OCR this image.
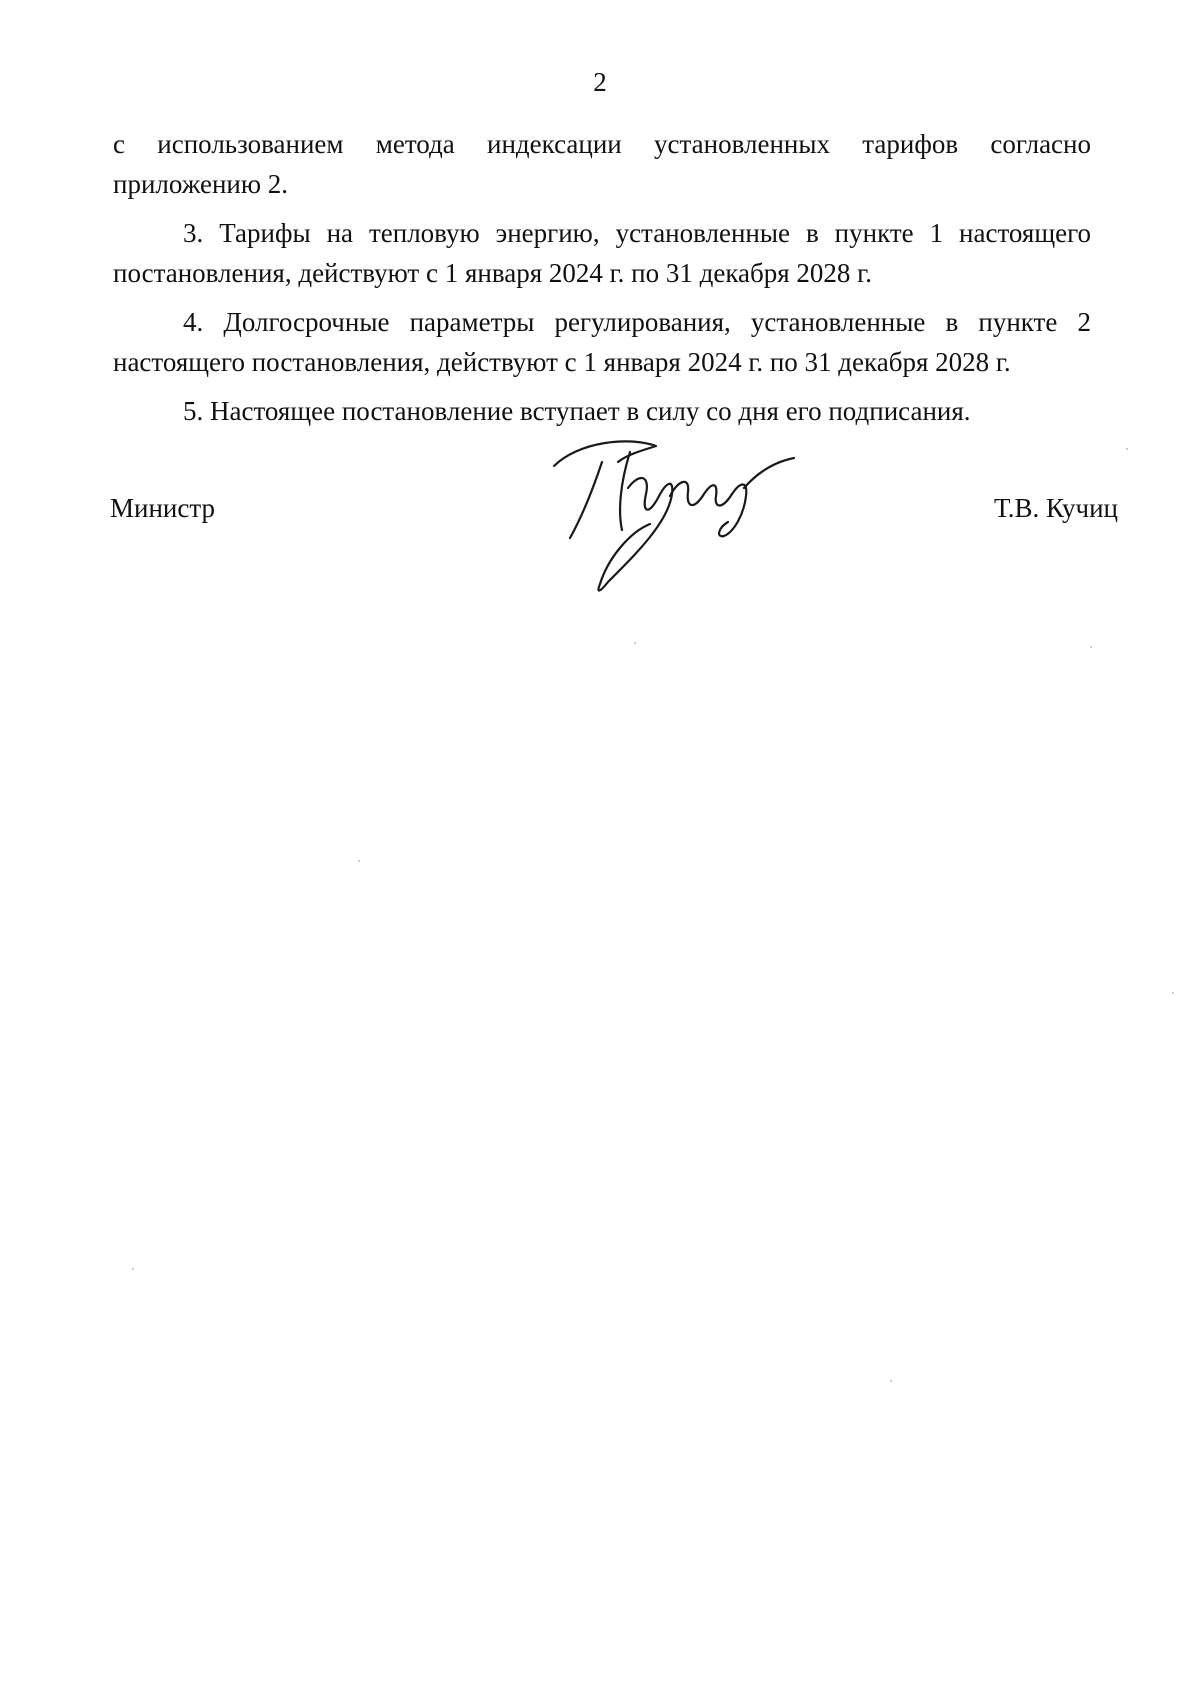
2

с использованием метода индексации установленных тарифов согласно приложению 2.

3. Тарифы на тепловую энергию, установленные в пункте 1 настоящего постановления, действуют с 1 января 2024 г. по 31 декабря 2028 г.

4. Долгосрочные параметры регулирования, установленные в пункте 2 настоящего постановления, действуют с 1 января 2024 г. по 31 декабря 2028 г.

5. Настоящее постановление вступает в силу со дня его подписания.

Министр	Т.В. Кучиц
